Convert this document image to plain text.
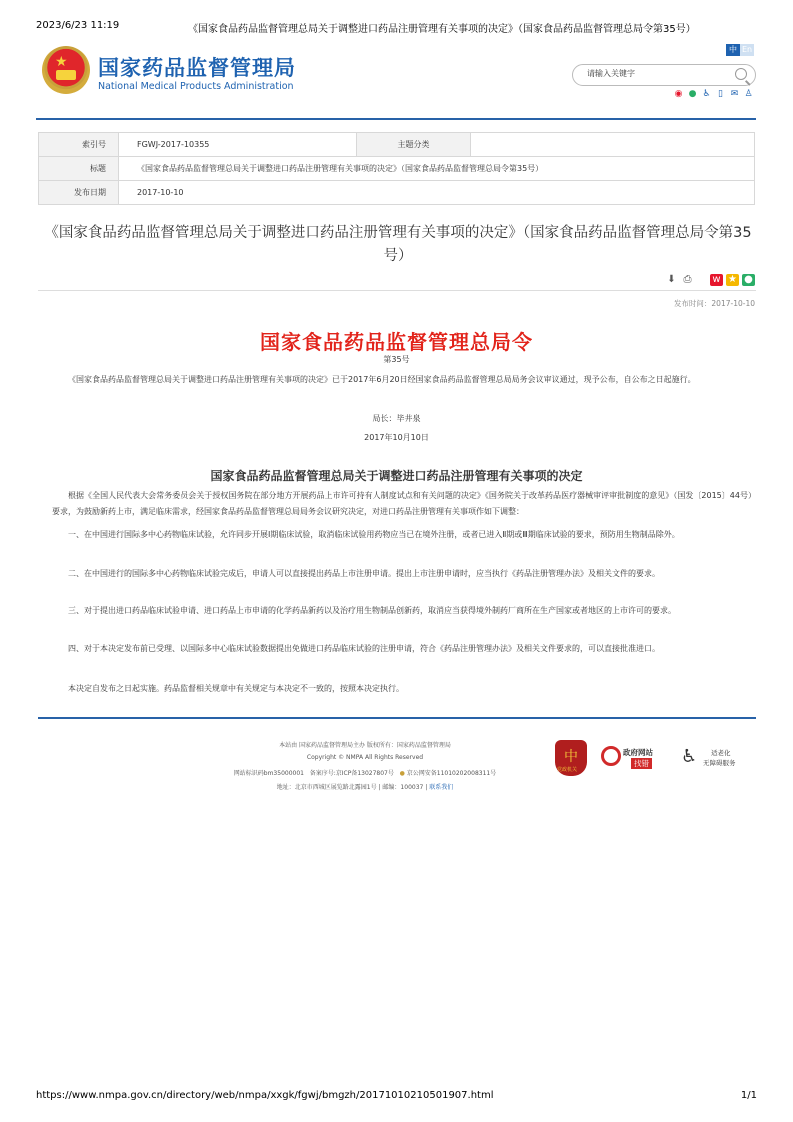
2023/6/23 11:19	《国家食品药品监督管理总局关于调整进口药品注册管理有关事项的决定》（国家食品药品监督管理总局令第35号）
★ 国家药品监督管理局
National Medical Products Administration
中 En
请输入关键字
◉ ● ♿ ▯ ✉ ♙
索引号	FGWJ-2017-10355	主题分类	
标题	《国家食品药品监督管理总局关于调整进口药品注册管理有关事项的决定》（国家食品药品监督管理总局令第35号）		
发布日期	2017-10-10		
《国家食品药品监督管理总局关于调整进口药品注册管理有关事项的决定》（国家食品药品监督管理总局令第35号）
⬇ ⎙ w ★ ●
发布时间：2017-10-10
国家食品药品监督管理总局令
第35号
《国家食品药品监督管理总局关于调整进口药品注册管理有关事项的决定》已于2017年6月20日经国家食品药品监督管理总局局务会议审议通过，现予公布，自公布之日起施行。
局长：毕井泉
2017年10月10日
国家食品药品监督管理总局关于调整进口药品注册管理有关事项的决定
根据《全国人民代表大会常务委员会关于授权国务院在部分地方开展药品上市许可持有人制度试点和有关问题的决定》《国务院关于改革药品医疗器械审评审批制度的意见》（国发〔2015〕44号）要求，为鼓励新药上市，满足临床需求，经国家食品药品监督管理总局局务会议研究决定，对进口药品注册管理有关事项作如下调整：
一、在中国进行国际多中心药物临床试验，允许同步开展Ⅰ期临床试验，取消临床试验用药物应当已在境外注册，或者已进入Ⅱ期或Ⅲ期临床试验的要求，预防用生物制品除外。
二、在中国进行的国际多中心药物临床试验完成后，申请人可以直接提出药品上市注册申请。提出上市注册申请时，应当执行《药品注册管理办法》及相关文件的要求。
三、对于提出进口药品临床试验申请、进口药品上市申请的化学药品新药以及治疗用生物制品创新药，取消应当获得境外制药厂商所在生产国家或者地区的上市许可的要求。
四、对于本决定发布前已受理、以国际多中心临床试验数据提出免做进口药品临床试验的注册申请，符合《药品注册管理办法》及相关文件要求的，可以直接批准进口。
本决定自发布之日起实施。药品监督相关规章中有关规定与本决定不一致的，按照本决定执行。
本站由 国家药品监督管理局主办 版权所有：国家药品监督管理局
Copyright © NMPA All Rights Reserved
网站标识码bm35000001 备案序号:京ICP备13027807号 ● 京公网安备11010202008311号
地址：北京市西城区展览路北露园1号 | 邮编：100037 | 联系我们
中
党政机关
政府网站
找错 ♿ 适老化
无障碍服务
https://www.nmpa.gov.cn/directory/web/nmpa/xxgk/fgwj/bmgzh/20171010210501907.html	1/1
